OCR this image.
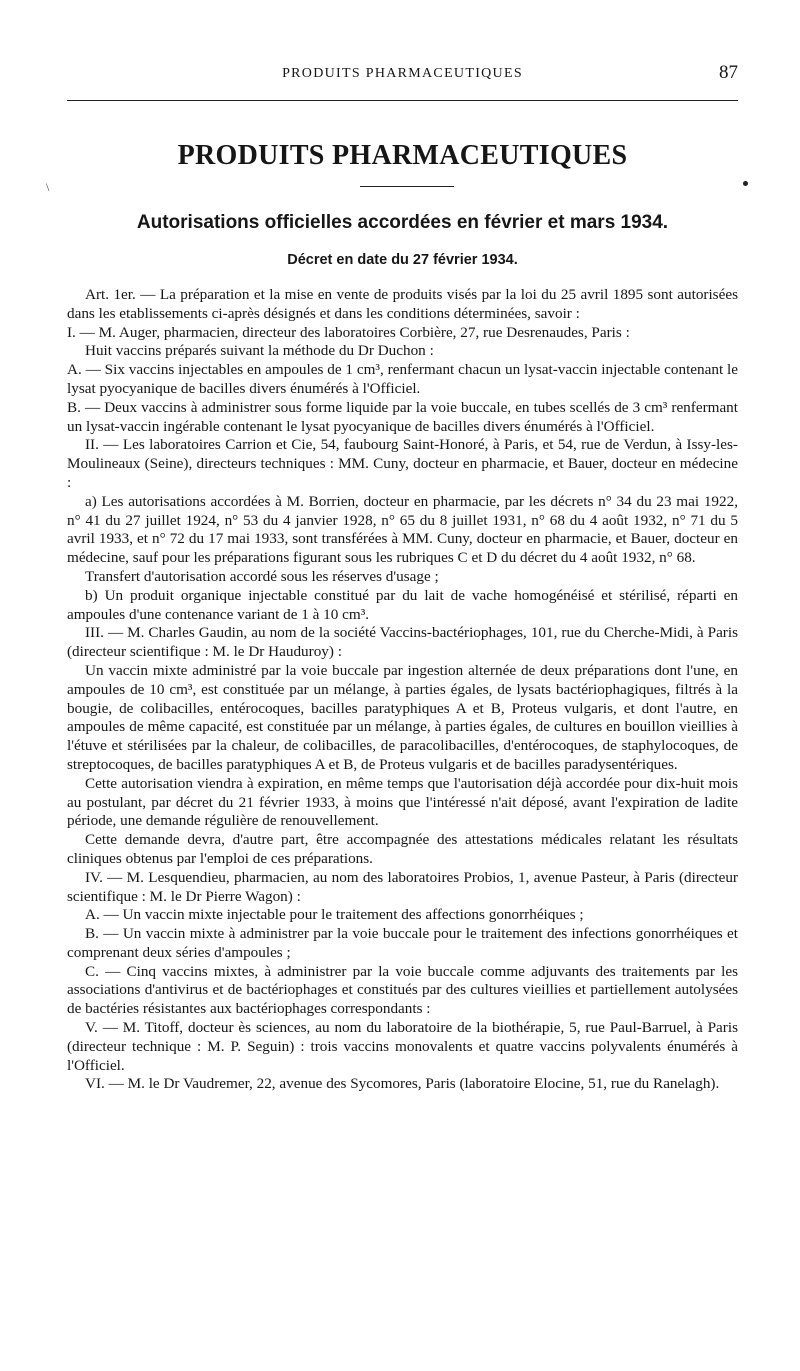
\
PRODUITS PHARMACEUTIQUES	87
PRODUITS PHARMACEUTIQUES
Autorisations officielles accordées en février et mars 1934.
Décret en date du 27 février 1934.

Art. 1er. — La préparation et la mise en vente de produits visés par la loi du 25 avril 1895 sont autorisées dans les etablissements ci-après désignés et dans les conditions déterminées, savoir :

I. — M. Auger, pharmacien, directeur des laboratoires Corbière, 27, rue Desrenaudes, Paris :

Huit vaccins préparés suivant la méthode du Dr Duchon :

A. — Six vaccins injectables en ampoules de 1 cm³, renfermant chacun un lysat-vaccin injectable contenant le lysat pyocyanique de bacilles divers énumérés à l'Officiel.

B. — Deux vaccins à administrer sous forme liquide par la voie buccale, en tubes scellés de 3 cm³ renfermant un lysat-vaccin ingérable contenant le lysat pyocyanique de bacilles divers énumérés à l'Officiel.

II. — Les laboratoires Carrion et Cie, 54, faubourg Saint-Honoré, à Paris, et 54, rue de Verdun, à Issy-les-Moulineaux (Seine), directeurs techniques : MM. Cuny, docteur en pharmacie, et Bauer, docteur en médecine :

a) Les autorisations accordées à M. Borrien, docteur en pharmacie, par les décrets n° 34 du 23 mai 1922, n° 41 du 27 juillet 1924, n° 53 du 4 janvier 1928, n° 65 du 8 juillet 1931, n° 68 du 4 août 1932, n° 71 du 5 avril 1933, et n° 72 du 17 mai 1933, sont transférées à MM. Cuny, docteur en pharmacie, et Bauer, docteur en médecine, sauf pour les préparations figurant sous les rubriques C et D du décret du 4 août 1932, n° 68.

Transfert d'autorisation accordé sous les réserves d'usage ;

b) Un produit organique injectable constitué par du lait de vache homogénéisé et stérilisé, réparti en ampoules d'une contenance variant de 1 à 10 cm³.

III. — M. Charles Gaudin, au nom de la société Vaccins-bactériophages, 101, rue du Cherche-Midi, à Paris (directeur scientifique : M. le Dr Hauduroy) :

Un vaccin mixte administré par la voie buccale par ingestion alternée de deux préparations dont l'une, en ampoules de 10 cm³, est constituée par un mélange, à parties égales, de lysats bactériophagiques, filtrés à la bougie, de colibacilles, entérocoques, bacilles paratyphiques A et B, Proteus vulgaris, et dont l'autre, en ampoules de même capacité, est constituée par un mélange, à parties égales, de cultures en bouillon vieillies à l'étuve et stérilisées par la chaleur, de colibacilles, de paracolibacilles, d'entérocoques, de staphylocoques, de streptocoques, de bacilles paratyphiques A et B, de Proteus vulgaris et de bacilles paradysentériques.

Cette autorisation viendra à expiration, en même temps que l'autorisation déjà accordée pour dix-huit mois au postulant, par décret du 21 février 1933, à moins que l'intéressé n'ait déposé, avant l'expiration de ladite période, une demande régulière de renouvellement.

Cette demande devra, d'autre part, être accompagnée des attestations médicales relatant les résultats cliniques obtenus par l'emploi de ces préparations.

IV. — M. Lesquendieu, pharmacien, au nom des laboratoires Probios, 1, avenue Pasteur, à Paris (directeur scientifique : M. le Dr Pierre Wagon) :

A. — Un vaccin mixte injectable pour le traitement des affections gonorrhéiques ;

B. — Un vaccin mixte à administrer par la voie buccale pour le traitement des infections gonorrhéiques et comprenant deux séries d'ampoules ;

C. — Cinq vaccins mixtes, à administrer par la voie buccale comme adjuvants des traitements par les associations d'antivirus et de bactériophages et constitués par des cultures vieillies et partiellement autolysées de bactéries résistantes aux bactériophages correspondants :

V. — M. Titoff, docteur ès sciences, au nom du laboratoire de la biothérapie, 5, rue Paul-Barruel, à Paris (directeur technique : M. P. Seguin) : trois vaccins monovalents et quatre vaccins polyvalents énumérés à l'Officiel.

VI. — M. le Dr Vaudremer, 22, avenue des Sycomores, Paris (laboratoire Elocine, 51, rue du Ranelagh).
